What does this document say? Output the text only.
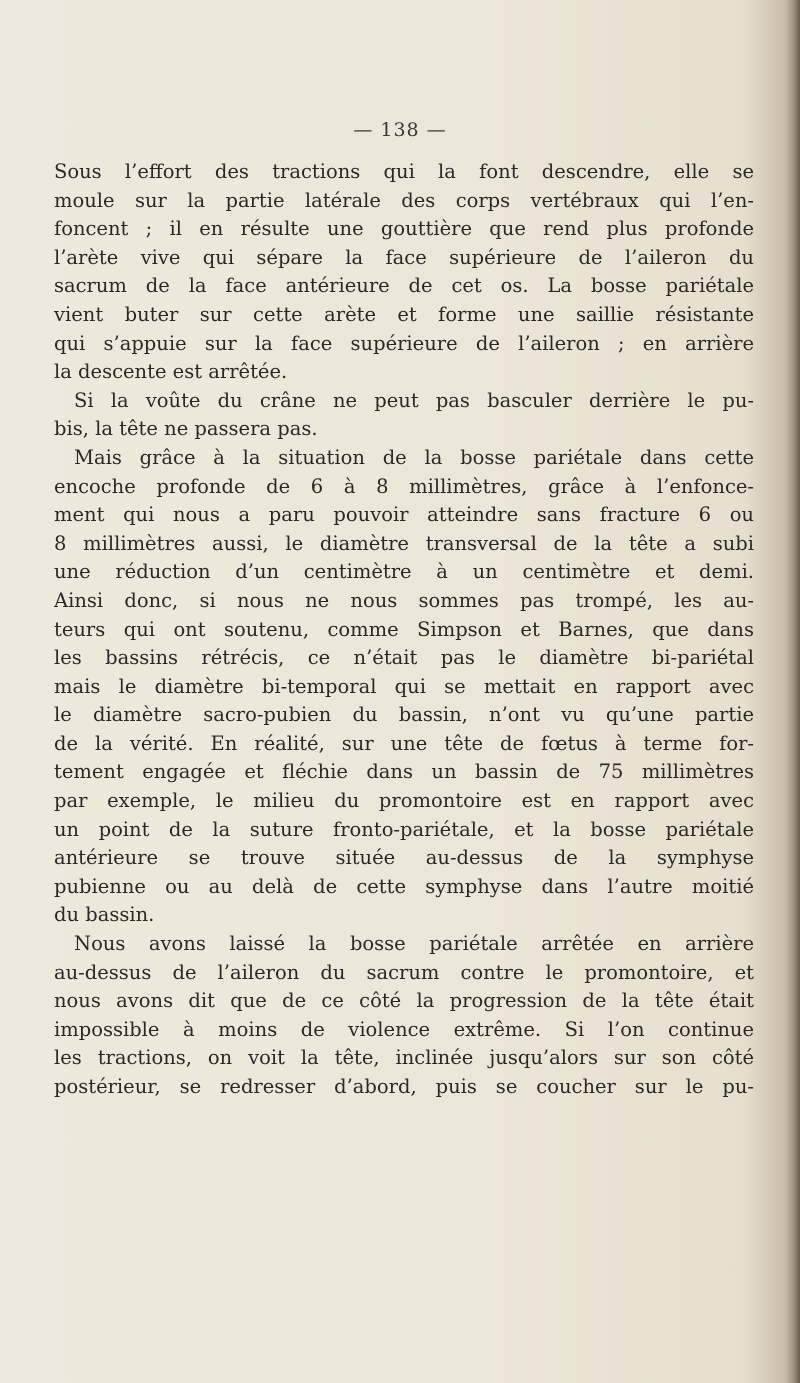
— 138 —
Sous l’effort des tractions qui la font descendre, elle se
moule sur la partie latérale des corps vertébraux qui l’en-
foncent ; il en résulte une gouttière que rend plus profonde
l’arète vive qui sépare la face supérieure de l’aileron du
sacrum de la face antérieure de cet os. La bosse pariétale
vient buter sur cette arète et forme une saillie résistante
qui s’appuie sur la face supérieure de l’aileron ; en arrière
la descente est arrêtée.
Si la voûte du crâne ne peut pas basculer derrière le pu-
bis, la tête ne passera pas.
Mais grâce à la situation de la bosse pariétale dans cette
encoche profonde de 6 à 8 millimètres, grâce à l’enfonce-
ment qui nous a paru pouvoir atteindre sans fracture 6 ou
8 millimètres aussi, le diamètre transversal de la tête a subi
une réduction d’un centimètre à un centimètre et demi.
Ainsi donc, si nous ne nous sommes pas trompé, les au-
teurs qui ont soutenu, comme Simpson et Barnes, que dans
les bassins rétrécis, ce n’était pas le diamètre bi-pariétal
mais le diamètre bi-temporal qui se mettait en rapport avec
le diamètre sacro-pubien du bassin, n’ont vu qu’une partie
de la vérité. En réalité, sur une tête de fœtus à terme for-
tement engagée et fléchie dans un bassin de 75 millimètres
par exemple, le milieu du promontoire est en rapport avec
un point de la suture fronto-pariétale, et la bosse pariétale
antérieure se trouve située au-dessus de la symphyse
pubienne ou au delà de cette symphyse dans l’autre moitié
du bassin.
Nous avons laissé la bosse pariétale arrêtée en arrière
au-dessus de l’aileron du sacrum contre le promontoire, et
nous avons dit que de ce côté la progression de la tête était
impossible à moins de violence extrême. Si l’on continue
les tractions, on voit la tête, inclinée jusqu’alors sur son côté
postérieur, se redresser d’abord, puis se coucher sur le pu-
